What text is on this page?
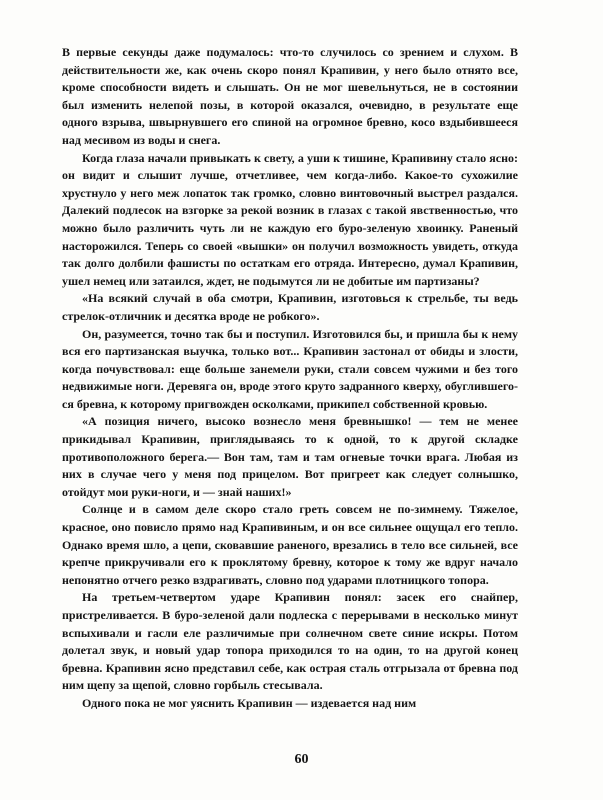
В первые секунды даже подумалось: что-то случилось со зрением и слухом. В действительности же, как очень скоро понял Крапивин, у него было отнято все, кроме способности видеть и слышать. Он не мог шевельнуться, не в состоянии был изменить нелепой позы, в которой оказался, очевидно, в результате еще одного взрыва, швырнувшего его спиной на огромное бревно, косо вздыбившееся над месивом из воды и снега.

Когда глаза начали привыкать к свету, а уши к тишине, Крапивину стало ясно: он видит и слышит лучше, отчетливее, чем когда-либо. Какое-то сухожилие хрустнуло у него меж лопаток так громко, словно винтовочный выстрел раздался. Далекий подлесок на взгорке за рекой возник в глазах с такой явственностью, что можно было различить чуть ли не каждую его буро-зеленую хвоинку. Раненый насторожился. Теперь со своей «вышки» он получил возможность увидеть, откуда так долго долбили фашисты по остаткам его отряда. Интересно, думал Крапивин, ушел немец или затаился, ждет, не подымутся ли не добитые им партизаны?

«На всякий случай в оба смотри, Крапивин, изготовься к стрельбе, ты ведь стрелок-отличник и десятка вроде не робкого».

Он, разумеется, точно так бы и поступил. Изготовился бы, и пришла бы к нему вся его партизанская выучка, только вот... Крапивин застонал от обиды и злости, когда почувствовал: еще больше занемели руки, стали совсем чужими и без того недвижимые ноги. Деревяга он, вроде этого круто задранного кверху, обуглившегося бревна, к которому пригвожден осколками, прикипел собственной кровью.

«А позиция ничего, высоко вознесло меня бревнышко! — тем не менее прикидывал Крапивин, приглядываясь то к одной, то к другой складке противоположного берега.— Вон там, там и там огневые точки врага. Любая из них в случае чего у меня под прицелом. Вот пригреет как следует солнышко, отойдут мои руки-ноги, и — знай наших!»

Солнце и в самом деле скоро стало греть совсем не по-зимнему. Тяжелое, красное, оно повисло прямо над Крапивиным, и он все сильнее ощущал его тепло. Однако время шло, а цепи, сковавшие раненого, врезались в тело все сильней, все крепче прикручивали его к проклятому бревну, которое к тому же вдруг начало непонятно отчего резко вздрагивать, словно под ударами плотницкого топора.

На третьем-четвертом ударе Крапивин понял: засек его снайпер, пристреливается. В буро-зеленой дали подлеска с перерывами в несколько минут вспыхивали и гасли еле различимые при солнечном свете синие искры. Потом долетал звук, и новый удар топора приходился то на один, то на другой конец бревна. Крапивин ясно представил себе, как острая сталь отгрызала от бревна под ним щепу за щепой, словно горбыль стесывала.

Одного пока не мог уяснить Крапивин — издевается над ним

60
